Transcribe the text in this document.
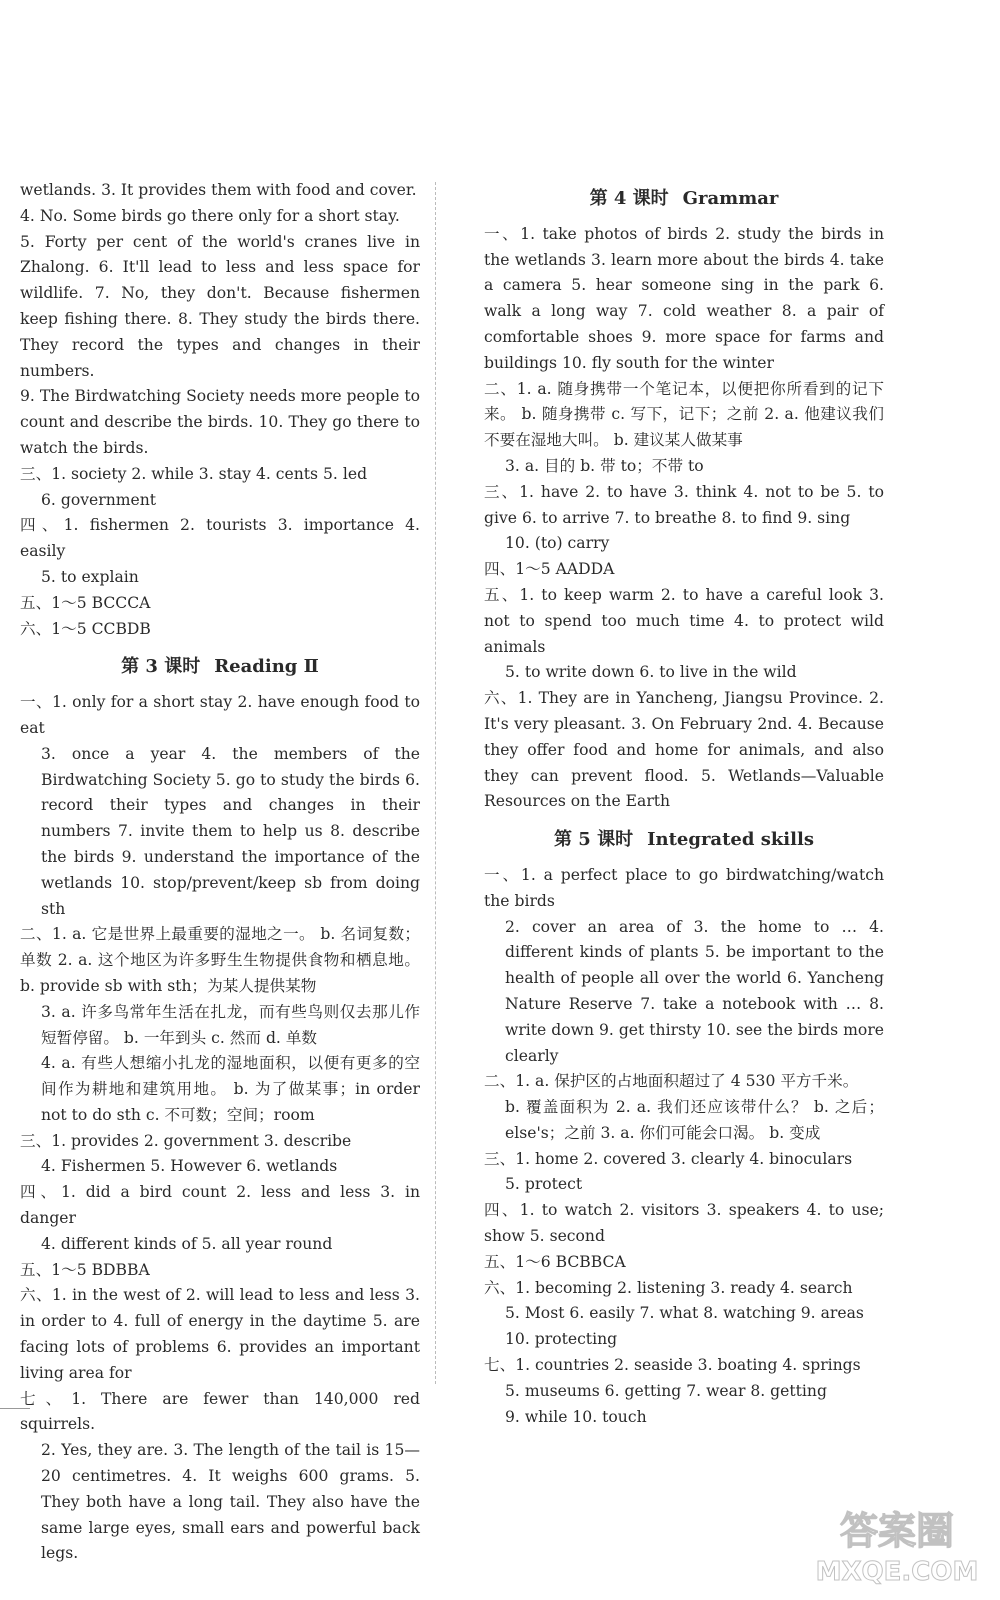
wetlands. 3. It provides them with food and cover.

4. No. Some birds go there only for a short stay.

5. Forty per cent of the world's cranes live in Zhalong. 6. It'll lead to less and less space for wildlife. 7. No, they don't. Because fishermen keep fishing there. 8. They study the birds there. They record the types and changes in their numbers.

9. The Birdwatching Society needs more people to count and describe the birds. 10. They go there to watch the birds.

三、1. society 2. while 3. stay 4. cents 5. led

6. government

四、1. fishermen 2. tourists 3. importance 4. easily

5. to explain

五、1～5 BCCCA

六、1～5 CCBDB

第 3 课时 Reading Ⅱ

一、1. only for a short stay 2. have enough food to eat

3. once a year 4. the members of the Birdwatching Society 5. go to study the birds 6. record their types and changes in their numbers 7. invite them to help us 8. describe the birds 9. understand the importance of the wetlands 10. stop/prevent/keep sb from doing sth

二、1. a. 它是世界上最重要的湿地之一。 b. 名词复数；单数 2. a. 这个地区为许多野生生物提供食物和栖息地。 b. provide sb with sth；为某人提供某物

3. a. 许多鸟常年生活在扎龙，而有些鸟则仅去那儿作短暂停留。 b. 一年到头 c. 然而 d. 单数

4. a. 有些人想缩小扎龙的湿地面积，以便有更多的空间作为耕地和建筑用地。 b. 为了做某事；in order not to do sth c. 不可数；空间；room

三、1. provides 2. government 3. describe

4. Fishermen 5. However 6. wetlands

四、1. did a bird count 2. less and less 3. in danger

4. different kinds of 5. all year round

五、1～5 BDBBA

六、1. in the west of 2. will lead to less and less 3. in order to 4. full of energy in the daytime 5. are facing lots of problems 6. provides an important living area for

七、1. There are fewer than 140,000 red squirrels.

2. Yes, they are. 3. The length of the tail is 15—20 centimetres. 4. It weighs 600 grams. 5. They both have a long tail. They also have the same large eyes, small ears and powerful back legs.

第 4 课时 Grammar

一、1. take photos of birds 2. study the birds in the wetlands 3. learn more about the birds 4. take a camera 5. hear someone sing in the park 6. walk a long way 7. cold weather 8. a pair of comfortable shoes 9. more space for farms and buildings 10. fly south for the winter

二、1. a. 随身携带一个笔记本，以便把你所看到的记下来。 b. 随身携带 c. 写下，记下；之前 2. a. 他建议我们不要在湿地大叫。 b. 建议某人做某事

3. a. 目的 b. 带 to；不带 to

三、1. have 2. to have 3. think 4. not to be 5. to give 6. to arrive 7. to breathe 8. to find 9. sing

10. (to) carry

四、1～5 AADDA

五、1. to keep warm 2. to have a careful look 3. not to spend too much time 4. to protect wild animals

5. to write down 6. to live in the wild

六、1. They are in Yancheng, Jiangsu Province. 2. It's very pleasant. 3. On February 2nd. 4. Because they offer food and home for animals, and also they can prevent flood. 5. Wetlands—Valuable Resources on the Earth

第 5 课时 Integrated skills

一、1. a perfect place to go birdwatching/watch the birds

2. cover an area of 3. the home to … 4. different kinds of plants 5. be important to the health of people all over the world 6. Yancheng Nature Reserve 7. take a notebook with … 8. write down 9. get thirsty 10. see the birds more clearly

二、1. a. 保护区的占地面积超过了 4 530 平方千米。

b. 覆盖面积为 2. a. 我们还应该带什么？ b. 之后；else's；之前 3. a. 你们可能会口渴。 b. 变成

三、1. home 2. covered 3. clearly 4. binoculars

5. protect

四、1. to watch 2. visitors 3. speakers 4. to use; show 5. second

五、1～6 BCBBCA

六、1. becoming 2. listening 3. ready 4. search

5. Most 6. easily 7. what 8. watching 9. areas

10. protecting

七、1. countries 2. seaside 3. boating 4. springs

5. museums 6. getting 7. wear 8. getting

9. while 10. touch

答案圈
MXQE.COM
